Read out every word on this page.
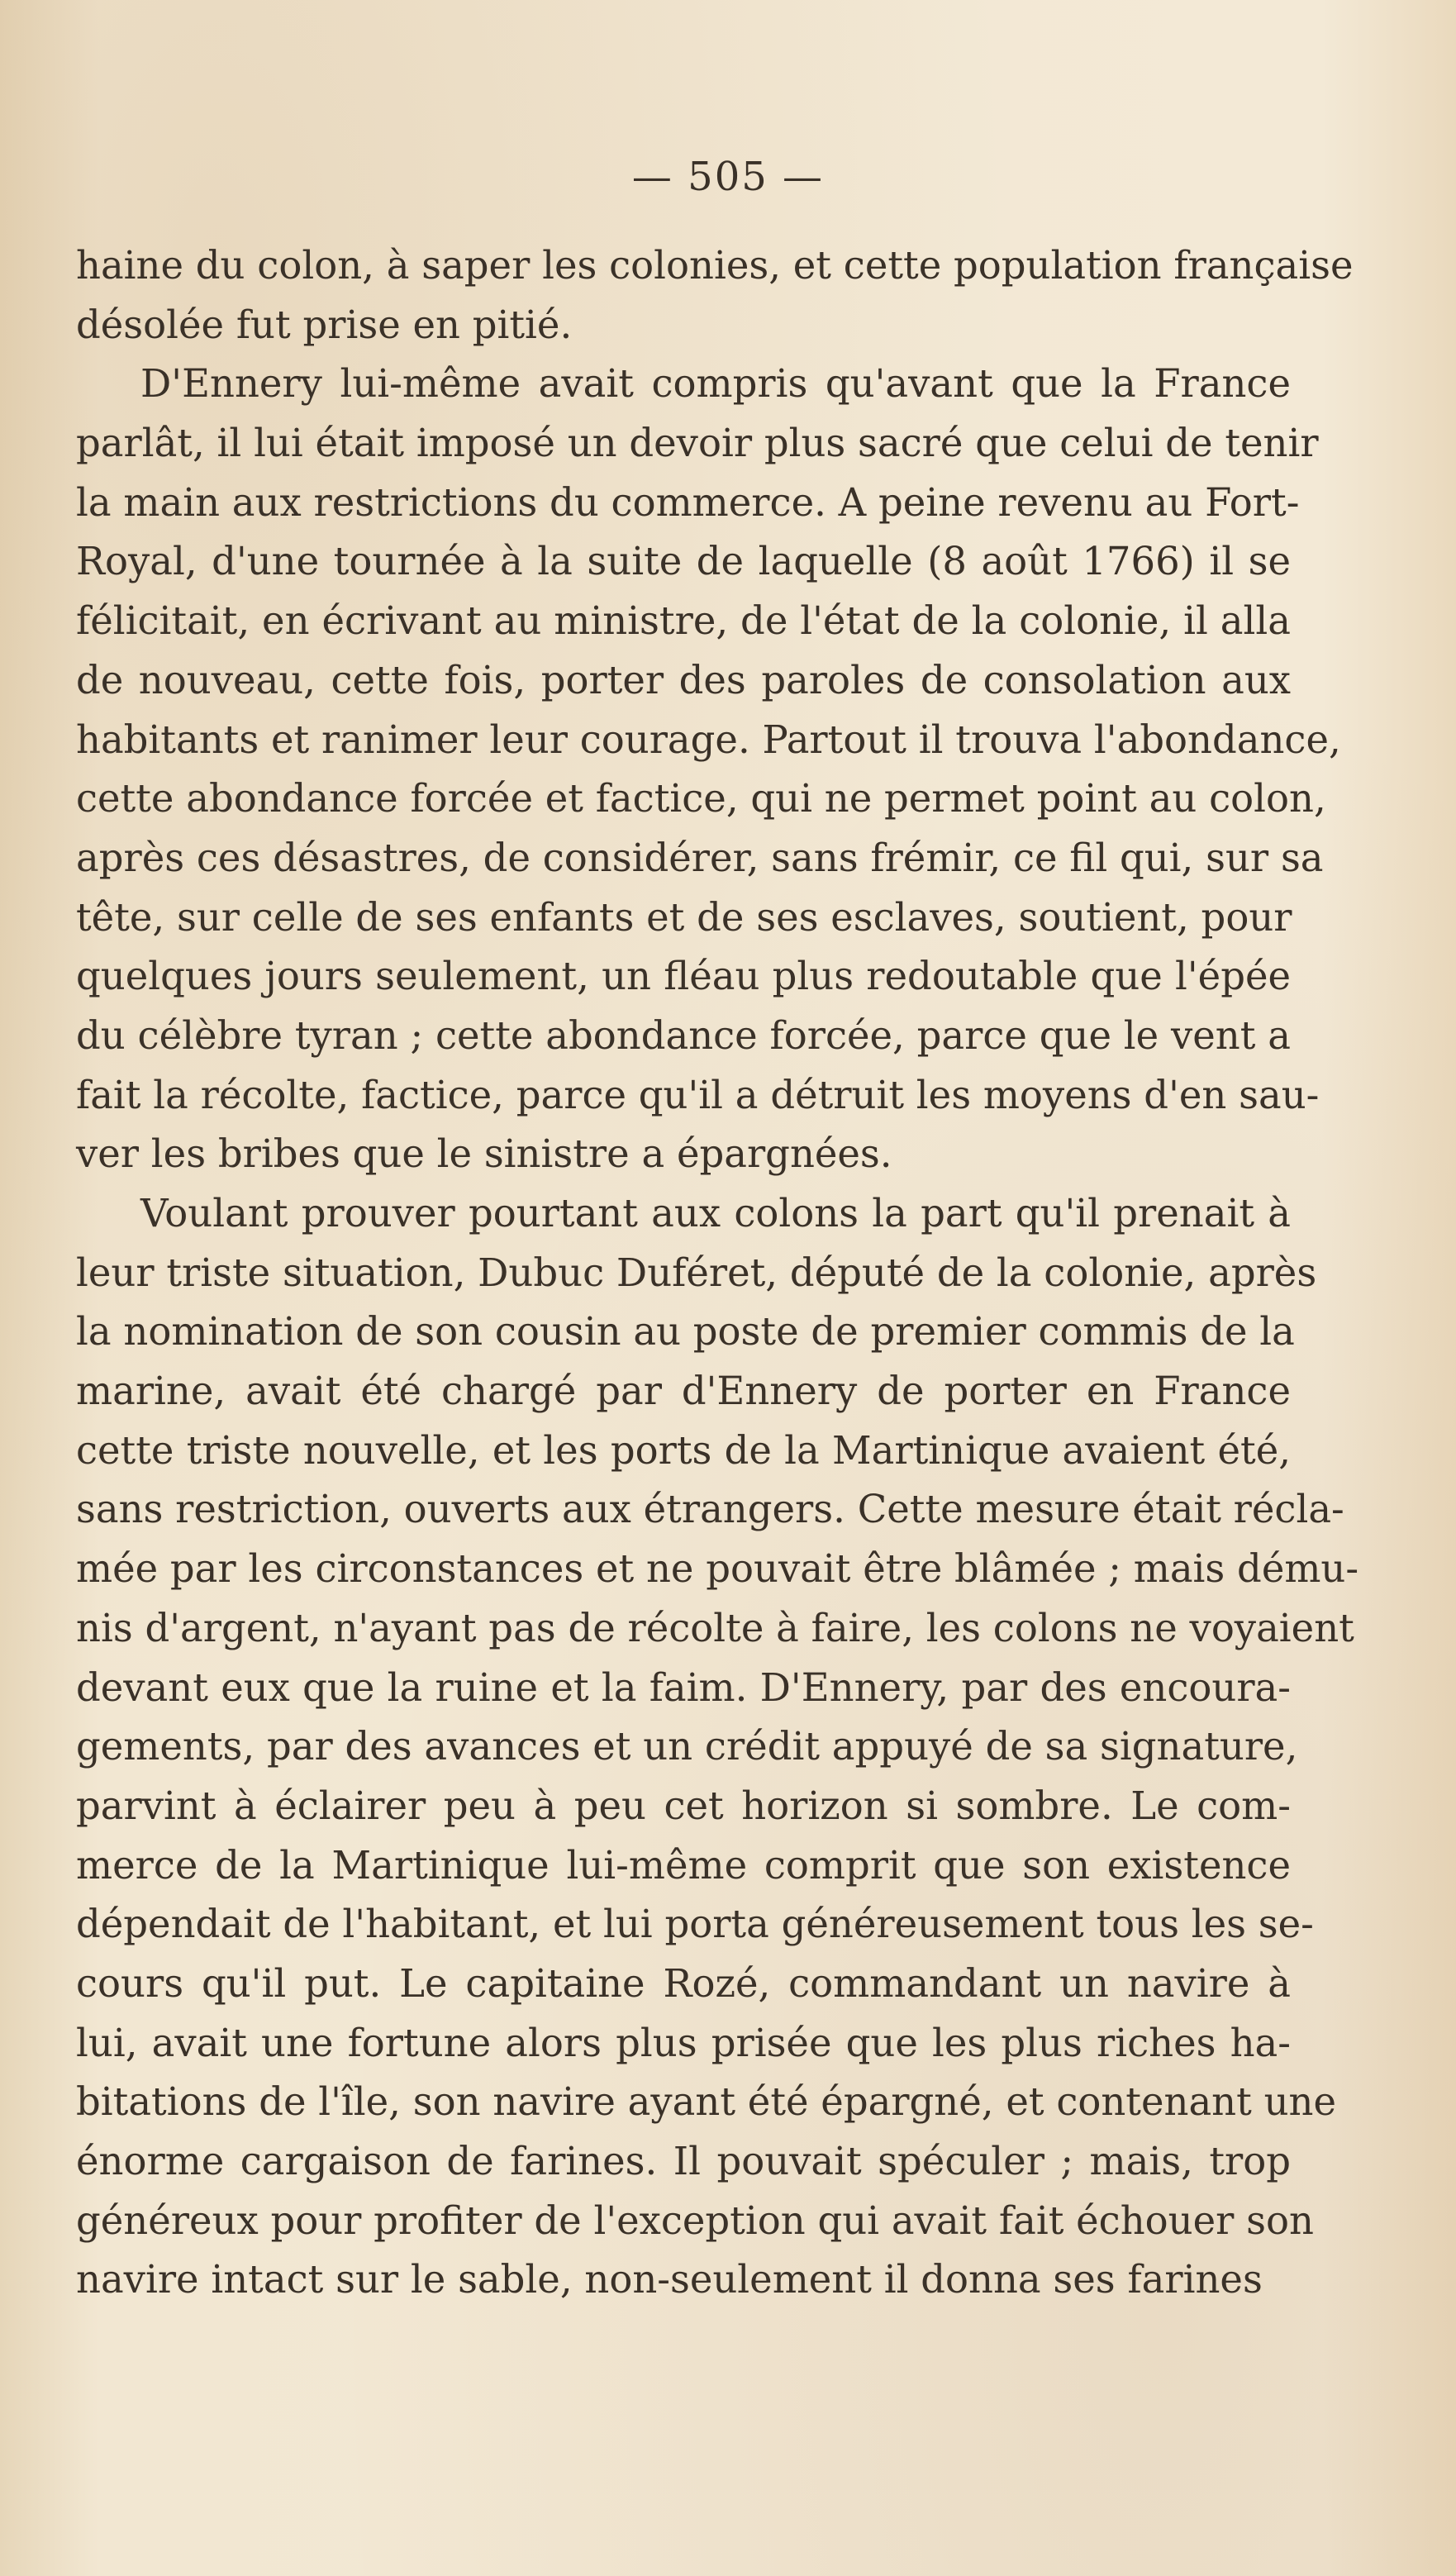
— 505 —
haine du colon, à saper les colonies, et cette population française
désolée fut prise en pitié.
D'Ennery lui-même avait compris qu'avant que la France
parlât, il lui était imposé un devoir plus sacré que celui de tenir
la main aux restrictions du commerce. A peine revenu au Fort-
Royal, d'une tournée à la suite de laquelle (8 août 1766) il se
félicitait, en écrivant au ministre, de l'état de la colonie, il alla
de nouveau, cette fois, porter des paroles de consolation aux
habitants et ranimer leur courage. Partout il trouva l'abondance,
cette abondance forcée et factice, qui ne permet point au colon,
après ces désastres, de considérer, sans frémir, ce fil qui, sur sa
tête, sur celle de ses enfants et de ses esclaves, soutient, pour
quelques jours seulement, un fléau plus redoutable que l'épée
du célèbre tyran ; cette abondance forcée, parce que le vent a
fait la récolte, factice, parce qu'il a détruit les moyens d'en sau-
ver les bribes que le sinistre a épargnées.
Voulant prouver pourtant aux colons la part qu'il prenait à
leur triste situation, Dubuc Duféret, député de la colonie, après
la nomination de son cousin au poste de premier commis de la
marine, avait été chargé par d'Ennery de porter en France
cette triste nouvelle, et les ports de la Martinique avaient été,
sans restriction, ouverts aux étrangers. Cette mesure était récla-
mée par les circonstances et ne pouvait être blâmée ; mais dému-
nis d'argent, n'ayant pas de récolte à faire, les colons ne voyaient
devant eux que la ruine et la faim. D'Ennery, par des encoura-
gements, par des avances et un crédit appuyé de sa signature,
parvint à éclairer peu à peu cet horizon si sombre. Le com-
merce de la Martinique lui-même comprit que son existence
dépendait de l'habitant, et lui porta généreusement tous les se-
cours qu'il put. Le capitaine Rozé, commandant un navire à
lui, avait une fortune alors plus prisée que les plus riches ha-
bitations de l'île, son navire ayant été épargné, et contenant une
énorme cargaison de farines. Il pouvait spéculer ; mais, trop
généreux pour profiter de l'exception qui avait fait échouer son
navire intact sur le sable, non-seulement il donna ses farines
